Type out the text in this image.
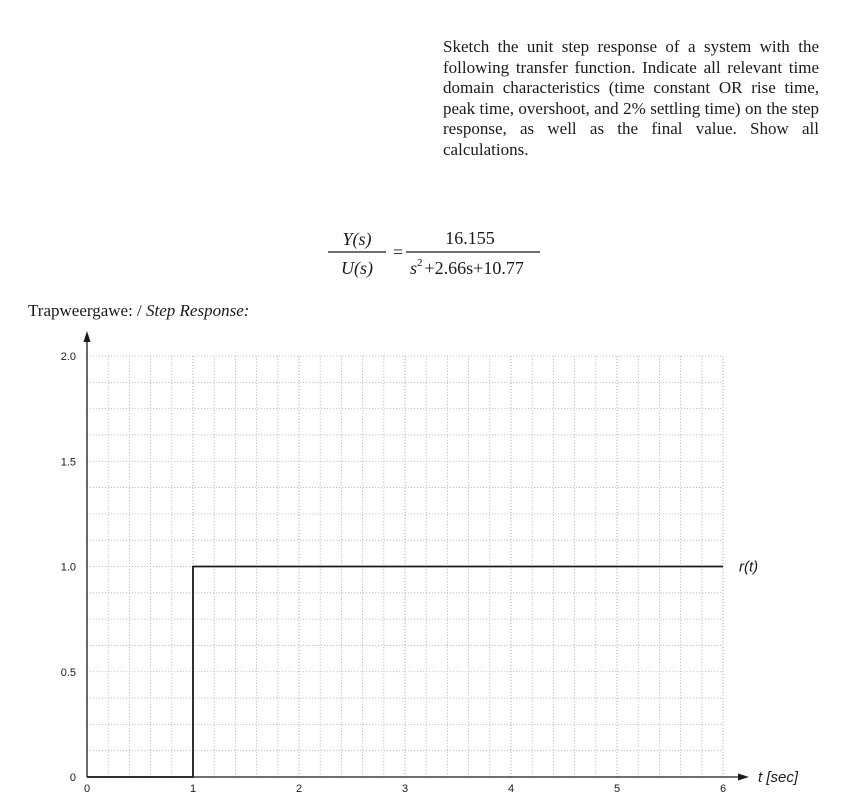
Sketch the unit step response of a system with the following transfer function. Indicate all relevant time domain characteristics (time constant OR rise time, peak time, overshoot, and 2% settling time) on the step response, as well as the final value. Show all calculations.

Y(s)
U(s)
=
16.155
$s^2 +2.66s+10.77$
Trapweergawe: / Step Response:
0	1	2	3	4	5	6
0
0.5
1.0
1.5
2.0
t [sec]
r(t)
